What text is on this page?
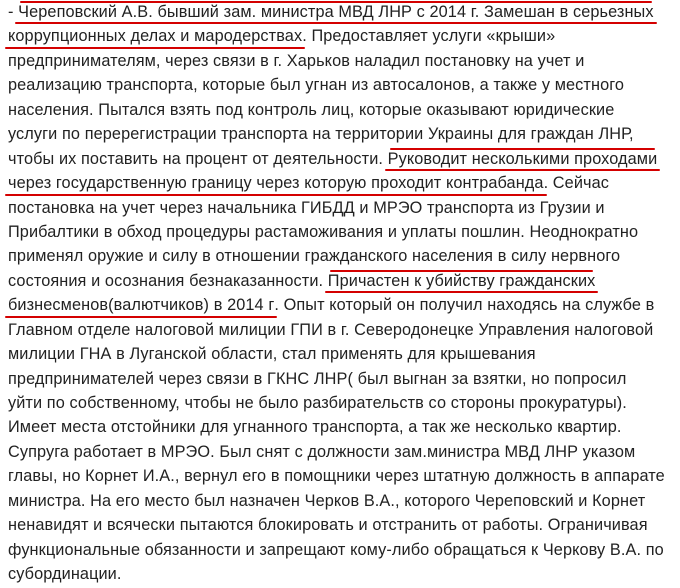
- Череповский А.В. бывший зам. министра МВД ЛНР с 2014 г. Замешан в серьезных
коррупционных делах и мародерствах. Предоставляет услуги «крыши»
предпринимателям, через связи в г. Харьков наладил постановку на учет и
реализацию транспорта, которые был угнан из автосалонов, а также у местного
населения. Пытался взять под контроль лиц, которые оказывают юридические
услуги по перерегистрации транспорта на территории Украины для граждан ЛНР,
чтобы их поставить на процент от деятельности. Руководит несколькими проходами
через государственную границу через которую проходит контрабанда. Сейчас
постановка на учет через начальника ГИБДД и МРЭО транспорта из Грузии и
Прибалтики в обход процедуры растаможивания и уплаты пошлин. Неоднократно
применял оружие и силу в отношении гражданского населения в силу нервного
состояния и осознания безнаказанности. Причастен к убийству гражданских
бизнесменов(валютчиков) в 2014 г. Опыт который он получил находясь на службе в
Главном отделе налоговой милиции ГПИ в г. Северодонецке Управления налоговой
милиции ГНА в Луганской области, стал применять для крышевания
предпринимателей через связи в ГКНС ЛНР( был выгнан за взятки, но попросил
уйти по собственному, чтобы не было разбирательств со стороны прокуратуры).
Имеет места отстойники для угнанного транспорта, а так же несколько квартир.
Супруга работает в МРЭО. Был снят с должности зам.министра МВД ЛНР указом
главы, но Корнет И.А., вернул его в помощники через штатную должность в аппарате
министра. На его место был назначен Черков В.А., которого Череповский и Корнет
ненавидят и всячески пытаются блокировать и отстранить от работы. Ограничивая
функциональные обязанности и запрещают кому-либо обращаться к Черкову В.А. по
субординации.
